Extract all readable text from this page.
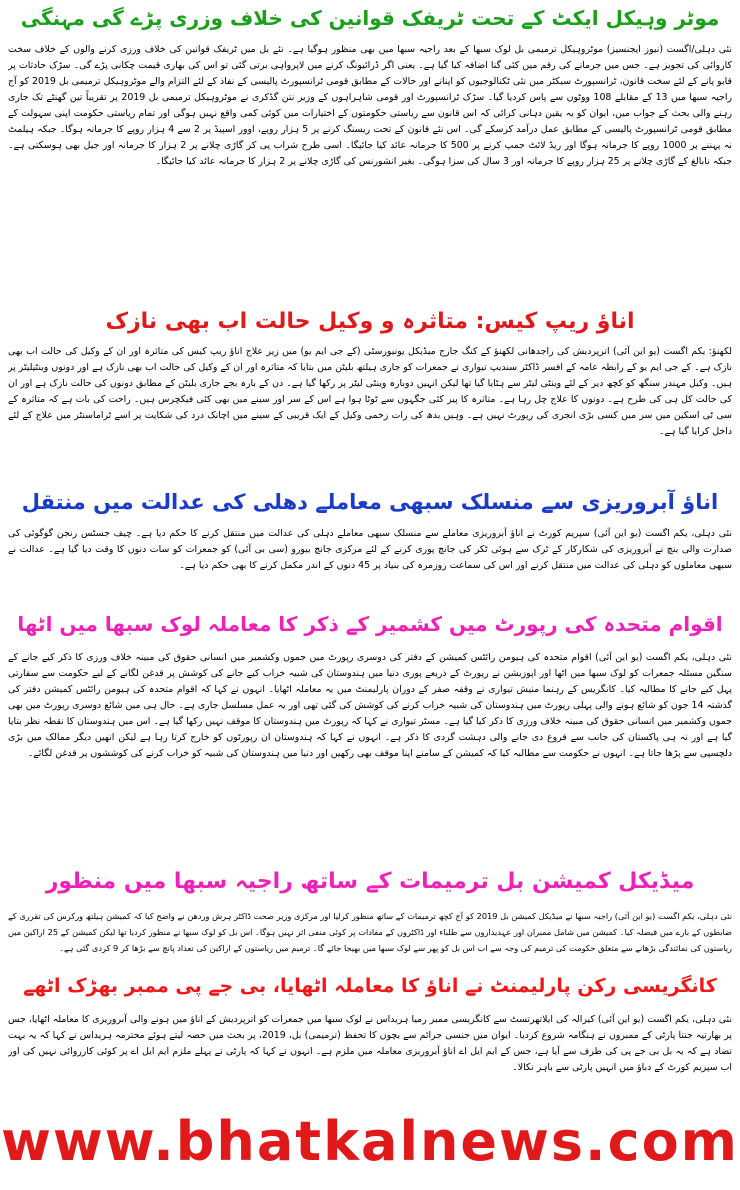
موٹر وہیکل ایکٹ کے تحت ٹریفک قوانین کی خلاف وزری پڑے گی مہنگی

نئی دہلی/اگست (نیوز ایجنسیز) موٹروہیکل ترمیمی بل لوک سبھا کے بعد راجیہ سبھا میں بھی منظور ہوگیا ہے۔ نئے بل میں ٹریفک قوانین کی خلاف ورزی کرنے والوں کے خلاف سخت کاروائی کی تجویز ہے۔ جس میں جرمانے کی رقم میں کئی گنا اضافہ کیا گیا ہے۔ یعنی اگر ڈرائیونگ کرنے میں لاپرواہی برتی گئی تو اس کی بھاری قیمت چکانی پڑے گی۔ سڑک حادثات پر قابو پانے کے لئے سخت قانون، ٹرانسپورٹ سیکٹر میں نئی ٹکنالوجیوں کو اپنانے اور حالات کے مطابق قومی ٹرانسپورٹ پالیسی کے نفاذ کے لئے التزام والے موٹروہیکل ترمیمی بل 2019 کو آج راجیہ سبھا میں 13 کے مقابلے 108 ووٹوں سے پاس کردیا گیا۔ سڑک ٹرانسپورٹ اور قومی شاہراہوں کے وزیر نتن گڈکری نے موٹروہیکل ترمیمی بل 2019 پر تقریباً تین گھنٹے تک جاری رہنے والی بحث کے جواب میں، ایوان کو یہ یقین دہانی کرائی کہ اس قانون سے ریاستی حکومتوں کے اختیارات میں کوئی کمی واقع نہیں ہوگی اور تمام ریاستی حکومت اپنی سہولت کے مطابق قومی ٹرانسپورٹ پالیسی کے مطابق عمل درآمد کرسکے گی۔ اس نئے قانون کے تحت ریسنگ کرنے پر 5 ہزار روپے، اوور اسپیڈ پر 2 سے 4 ہزار روپے کا جرمانہ ہوگا۔ جبکہ ہیلمٹ نہ پہننے پر 1000 روپے کا جرمانہ ہوگا اور ریڈ لائٹ جمپ کرنے پر 500 کا جرمانہ عائد کیا جائیگا۔ اسی طرح شراب پی کر گاڑی چلانے پر 2 ہزار کا جرمانہ اور جیل بھی ہوسکتی ہے۔ جبکہ نابالغ کے گاڑی چلانے پر 25 ہزار روپے کا جرمانہ اور 3 سال کی سزا ہوگی۔ بغیر انشورنس کی گاڑی چلانے پر 2 ہزار کا جرمانہ عائد کیا جائیگا۔

اناؤ ریپ کیس: متاثرہ و وکیل حالت اب بھی نازک

لکھنؤ: یکم اگست (یو این آئی) اترپردیش کی راجدھانی لکھنؤ کے کنگ جارج میڈیکل یونیورسٹی (کے جی ایم یو) میں زیر علاج اناؤ ریپ کیس کی متاثرہ اور ان کے وکیل کی حالت اب بھی نازک ہے۔ کے جی ایم یو کے رابطہ عامہ کے افسر ڈاکٹر سندیپ تیواری نے جمعرات کو جاری ہیلتھ بلیٹن میں بتایا کہ متاثرہ اور ان کے وکیل کی حالت اب بھی نازک ہے اور دونوں وینٹیلیٹر پر ہیں۔ وکیل مہندر سنگھ کو کچھ دیر کے لئے وینٹی لیٹر سے ہٹایا گیا تھا لیکن انہیں دوبارہ وینٹی لیٹر پر رکھا گیا ہے۔ دن کے بارہ بجے جاری بلیٹن کے مطابق دونوں کی حالت نازک ہے اور ان کی حالت کل ہی کی طرح ہے۔ دونوں کا علاج چل رہا ہے۔ متاثرہ کا پیر کئی جگہوں سے ٹوٹا ہوا ہے اس کے سر اور سینے میں بھی کئی فیکچرس ہیں۔ راحت کی بات ہے کہ متاثرہ کے سی ٹی اسکین میں سر میں کسی بڑی انجری کی رپورٹ نہیں ہے۔ وہیں بدھ کی رات زخمی وکیل کے ایک قریبی کے سینے میں اچانک درد کی شکایت پر اسے ٹراماسنٹر میں علاج کے لئے داخل کرایا گیا ہے۔

اناؤ آبروریزی سے منسلک سبھی معاملے دھلی کی عدالت میں منتقل

نئی دہلی، یکم اگست (یو این آئی) سپریم کورٹ نے اناؤ آبروریزی معاملے سے منسلک سبھی معاملے دہلی کی عدالت میں منتقل کرنے کا حکم دیا ہے۔ چیف جسٹس رنجن گوگوئی کی صدارت والی بنچ نے آبروریزی کی شکارکار کے ٹرک سے ہوئی ٹکر کی جانچ پوری کرنے کے لئے مرکزی جانچ بیورو (سی بی آئی) کو جمعرات کو سات دنوں کا وقت دیا گیا ہے۔ عدالت نے سبھی معاملوں کو دہلی کی عدالت میں منتقل کرنے اور اس کی سماعت روزمرہ کی بنیاد پر 45 دنوں کے اندر مکمل کرنے کا بھی حکم دیا ہے۔

اقوام متحدہ کی رپورٹ میں کشمیر کے ذکر کا معاملہ لوک سبھا میں اٹھا

نئی دہلی، یکم اگست (یو این آئی) اقوام متحدہ کی ہیومن رائٹس کمیشن کے دفتر کی دوسری رپورٹ میں جموں وکشمیر میں انسانی حقوق کی مبینہ خلاف ورزی کا ذکر کیے جانے کے سنگین مسئلہ جمعرات کو لوک سبھا میں اٹھا اور اپوزیشن نے رپورٹ کے ذریعے پوری دنیا میں ہندوستان کی شبیہ خراب کیے جانے کی کوشش پر قدغن لگانے کے لیے حکومت سے سفارتی پہل کیے جانے کا مطالبہ کیا۔ کانگریس کے رہنما منیش تیواری نے وقفہ صفر کے دوران پارلیمنٹ میں یہ معاملہ اٹھایا۔ انہوں نے کہا کہ اقوام متحدہ کی ہیومن رائٹس کمیشن دفتر کی گذشتہ 14 جون کو شائع ہونے والی پہلی رپورٹ میں ہندوستان کی شبیہ خراب کرنے کی کوشش کی گئی تھی اور یہ عمل مسلسل جاری ہے۔ حال ہی میں شائع دوسری رپورٹ میں بھی جموں وکشمیر میں انسانی حقوق کی مبینہ خلاف ورزی کا ذکر کیا گیا ہے۔ مسٹر تیواری نے کہا کہ رپورٹ میں ہندوستان کا موقف نہیں رکھا گیا ہے۔ اس میں ہندوستان کا نقطہ نظر بتایا گیا ہے اور نہ ہی پاکستان کی جانب سے فروغ دی جانے والی دہشت گردی کا ذکر ہے۔ انہوں نے کہا کہ ہندوستان ان رپورٹوں کو خارج کرتا رہا ہے لیکن انھیں دیگر ممالک میں بڑی دلچسپی سے پڑھا جاتا ہے۔ انہوں نے حکومت سے مطالبہ کیا کہ کمیشن کے سامنے اپنا موقف بھی رکھیں اور دنیا میں ہندوستان کی شبیہ کو خراب کرنے کی کوششوں پر قدغن لگائے۔

میڈیکل کمیشن بل ترمیمات کے ساتھ راجیہ سبھا میں منظور

نئی دہلی، یکم اگست (یو این آئی) راجیہ سبھا نے میڈیکل کمیشن بل 2019 کو آج کچھ ترمیمات کے ساتھ منظور کرلیا اور مرکزی وزیر صحت ڈاکٹر ہرش وردھن نے واضح کیا کہ کمیشن ہیلتھ ورکرس کی تقرری کے ضابطوں کے بارے میں فیصلہ کیا۔ کمیشن میں شامل ممبران اور عہدیداروں سے طلباء اور ڈاکٹروں کے مفادات پر کوئی منفی اثر نہیں ہوگا۔ اس بل کو لوک سبھا نے منظور کردیا تھا لیکن کمیشن کے 25 اراکین میں ریاستوں کی نمائندگی بڑھانے سے متعلق حکومت کی ترمیم کی وجہ سے اب اس بل کو پھر سے لوک سبھا میں بھیجا جائے گا۔ ترمیم میں ریاستوں کے اراکین کی تعداد پانچ سے بڑھا کر 9 کردی گئی ہے۔

کانگریسی رکن پارلیمنٹ نے اناؤ کا معاملہ اٹھایا، بی جے پی ممبر بھڑک اٹھے

نئی دہلی، یکم اگست (یو این آئی) کیرالہ کی ایلاتھرتسٹ سے کانگریسی ممبر رمیا ہریداس نے لوک سبھا میں جمعرات کو اترپردیش کے اناؤ میں ہونے والی آبروریزی کا معاملہ اٹھایا، جس پر بھارتیہ جنتا پارٹی کے ممبروں نے ہنگامہ شروع کردیا۔ ایوان میں جنسی جرائم سے بچوں کا تحفظ (ترمیمی) بل، 2019، پر بحث میں حصہ لیتے ہوئے محترمہ ہریداس نے کہا کہ یہ بہت تضاد ہے کہ یہ بل بی جے پی کی طرف سے آیا ہے، جس کے ایم ایل اے اناؤ آبروریزی معاملہ میں ملزم ہے۔ انہوں نے کہا کہ پارٹی نے پہلے ملزم ایم ایل اے پر کوئی کارروائی نہیں کی اور اب سپریم کورٹ کے دباؤ میں انہیں پارٹی سے باہر نکالا۔

www.bhatkalnews.com
